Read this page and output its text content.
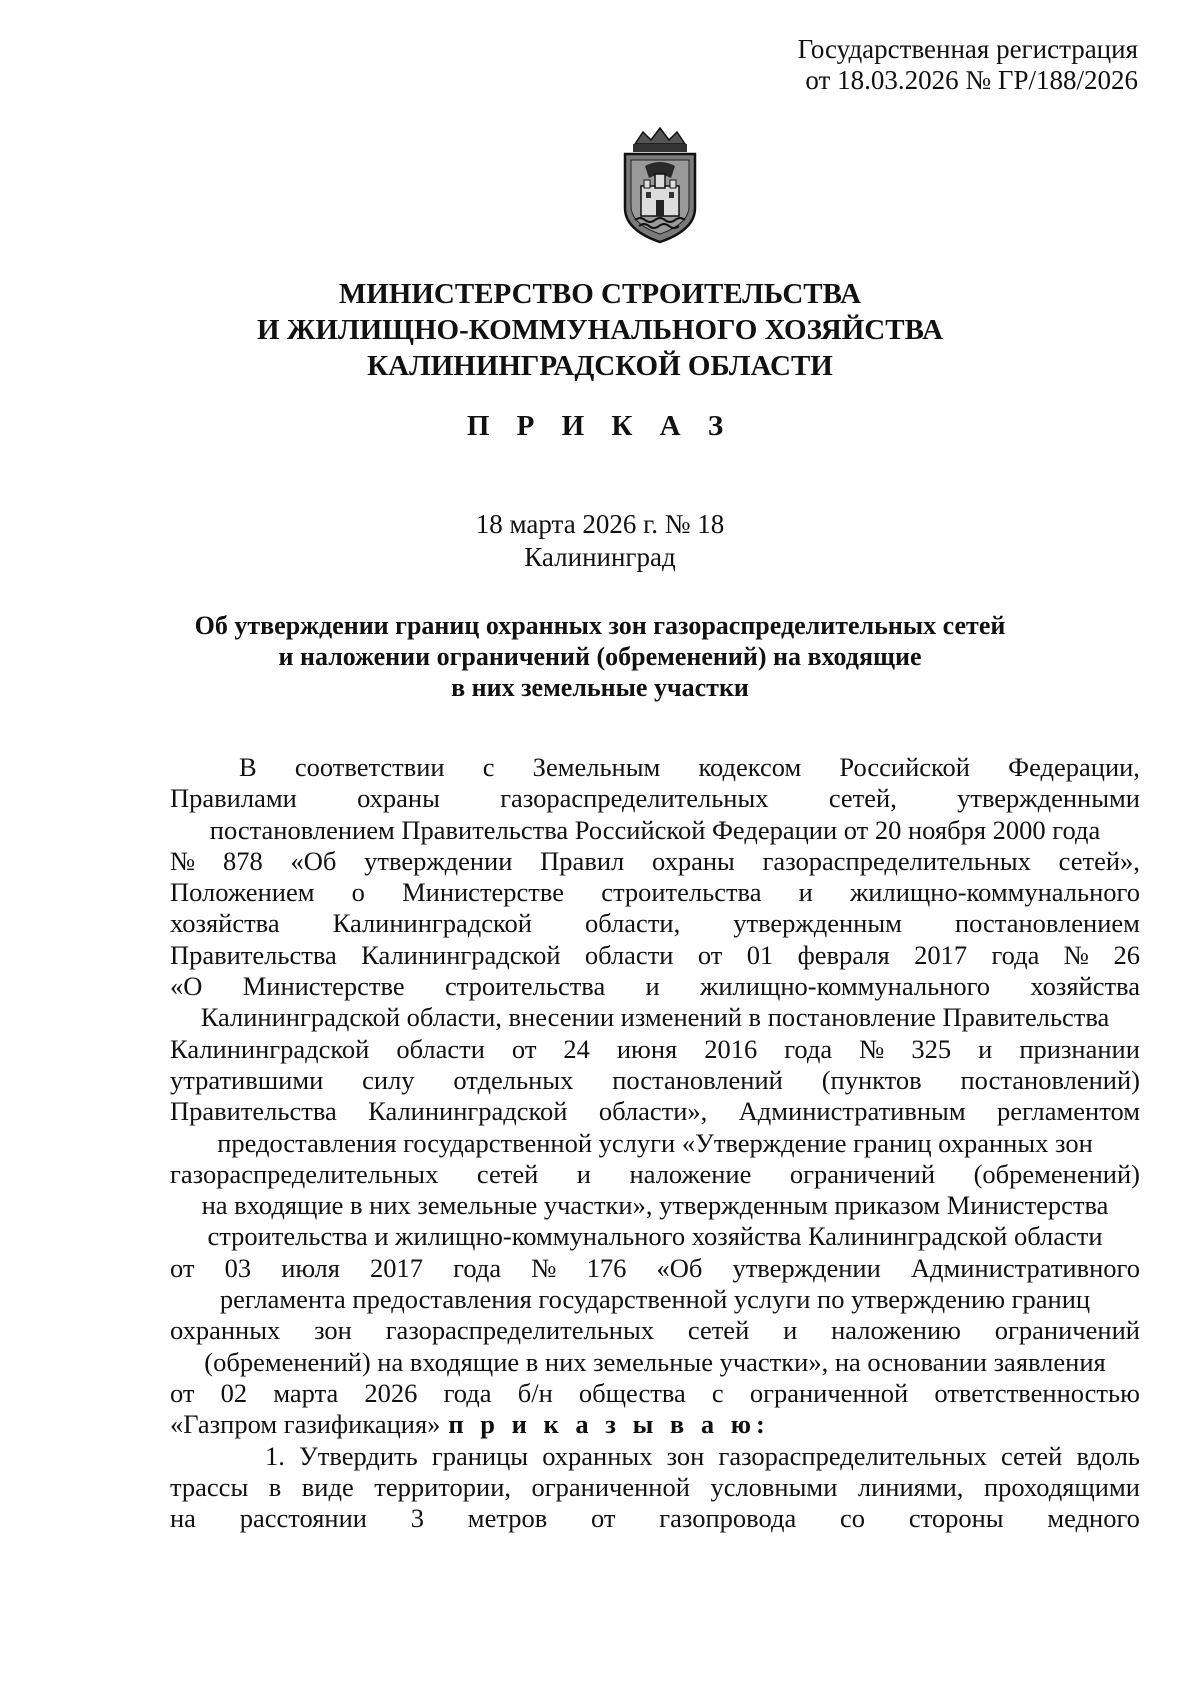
Государственная регистрация
от 18.03.2026 № ГР/188/2026
МИНИСТЕРСТВО СТРОИТЕЛЬСТВА
И ЖИЛИЩНО-КОММУНАЛЬНОГО ХОЗЯЙСТВА
КАЛИНИНГРАДСКОЙ ОБЛАСТИ
П Р И К А З
18 марта 2026 г. № 18
Калининград
Об утверждении границ охранных зон газораспределительных сетей
и наложении ограничений (обременений) на входящие
в них земельные участки
В соответствии с Земельным кодексом Российской Федерации,
Правилами охраны газораспределительных сетей, утвержденными
постановлением Правительства Российской Федерации от 20 ноября 2000 года
№ 878 «Об утверждении Правил охраны газораспределительных сетей»,
Положением о Министерстве строительства и жилищно-коммунального
хозяйства Калининградской области, утвержденным постановлением
Правительства Калининградской области от 01 февраля 2017 года № 26
«О Министерстве строительства и жилищно-коммунального хозяйства
Калининградской области, внесении изменений в постановление Правительства
Калининградской области от 24 июня 2016 года № 325 и признании
утратившими силу отдельных постановлений (пунктов постановлений)
Правительства Калининградской области», Административным регламентом
предоставления государственной услуги «Утверждение границ охранных зон
газораспределительных сетей и наложение ограничений (обременений)
на входящие в них земельные участки», утвержденным приказом Министерства
строительства и жилищно-коммунального хозяйства Калининградской области
от 03 июля 2017 года № 176 «Об утверждении Административного
регламента предоставления государственной услуги по утверждению границ
охранных зон газораспределительных сетей и наложению ограничений
(обременений) на входящие в них земельные участки», на основании заявления
от 02 марта 2026 года б/н общества с ограниченной ответственностью
«Газпром газификация» п р и к а з ы в а ю:
1. Утвердить границы охранных зон газораспределительных сетей вдоль
трассы в виде территории, ограниченной условными линиями, проходящими
на расстоянии 3 метров от газопровода со стороны медного
